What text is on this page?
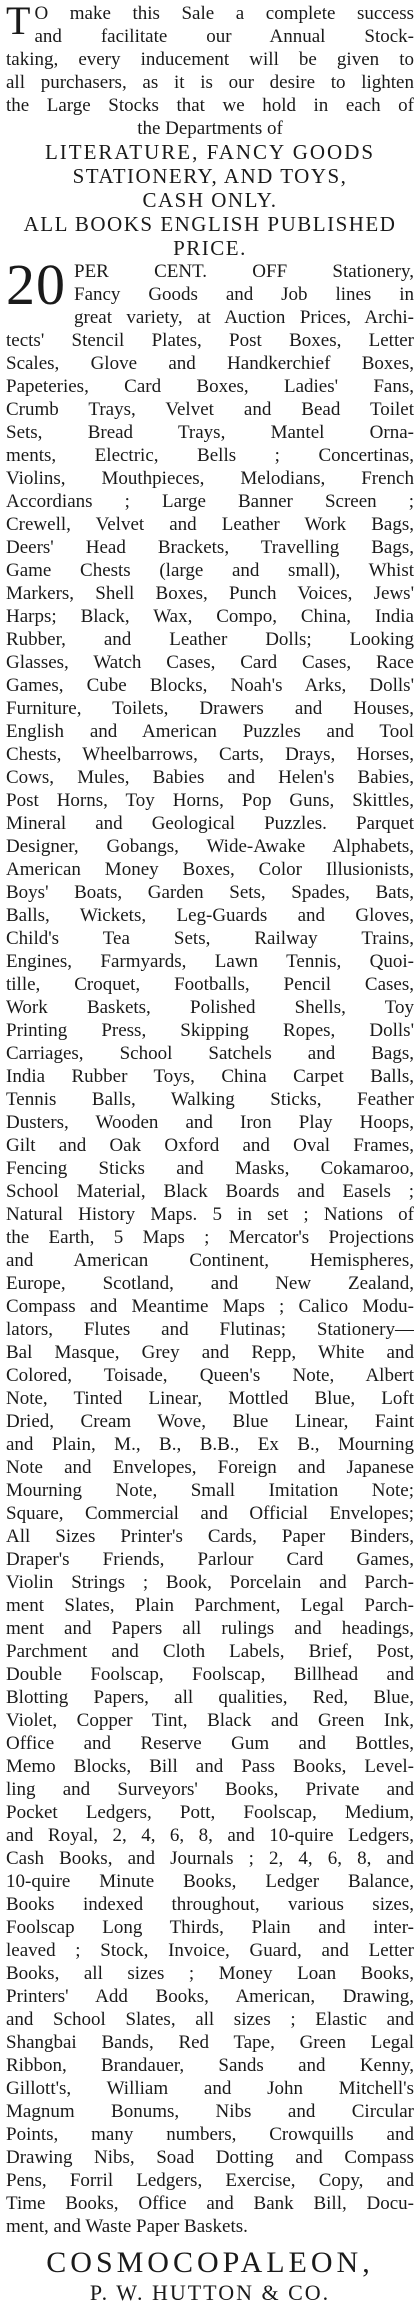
T O make this Sale a complete success
and facilitate our Annual Stock-
taking, every inducement will be given to
all purchasers, as it is our desire to lighten
the Large Stocks that we hold in each of
the Departments of
LITERATURE, FANCY GOODS
STATIONERY, AND TOYS,
CASH ONLY.
ALL BOOKS ENGLISH PUBLISHED
PRICE.
20 PER CENT. OFF Stationery,
Fancy Goods and Job lines in
great variety, at Auction Prices, Archi-
tects' Stencil Plates, Post Boxes, Letter
Scales, Glove and Handkerchief Boxes,
Papeteries, Card Boxes, Ladies' Fans,
Crumb Trays, Velvet and Bead Toilet
Sets, Bread Trays, Mantel Orna-
ments, Electric, Bells ; Concertinas,
Violins, Mouthpieces, Melodians, French
Accordians ; Large Banner Screen ;
Crewell, Velvet and Leather Work Bags,
Deers' Head Brackets, Travelling Bags,
Game Chests (large and small), Whist
Markers, Shell Boxes, Punch Voices, Jews'
Harps; Black, Wax, Compo, China, India
Rubber, and Leather Dolls; Looking
Glasses, Watch Cases, Card Cases, Race
Games, Cube Blocks, Noah's Arks, Dolls'
Furniture, Toilets, Drawers and Houses,
English and American Puzzles and Tool
Chests, Wheelbarrows, Carts, Drays, Horses,
Cows, Mules, Babies and Helen's Babies,
Post Horns, Toy Horns, Pop Guns, Skittles,
Mineral and Geological Puzzles. Parquet
Designer, Gobangs, Wide-Awake Alphabets,
American Money Boxes, Color Illusionists,
Boys' Boats, Garden Sets, Spades, Bats,
Balls, Wickets, Leg-Guards and Gloves,
Child's Tea Sets, Railway Trains,
Engines, Farmyards, Lawn Tennis, Quoi-
tille, Croquet, Footballs, Pencil Cases,
Work Baskets, Polished Shells, Toy
Printing Press, Skipping Ropes, Dolls'
Carriages, School Satchels and Bags,
India Rubber Toys, China Carpet Balls,
Tennis Balls, Walking Sticks, Feather
Dusters, Wooden and Iron Play Hoops,
Gilt and Oak Oxford and Oval Frames,
Fencing Sticks and Masks, Cokamaroo,
School Material, Black Boards and Easels ;
Natural History Maps. 5 in set ; Nations of
the Earth, 5 Maps ; Mercator's Projections
and American Continent, Hemispheres,
Europe, Scotland, and New Zealand,
Compass and Meantime Maps ; Calico Modu-
lators, Flutes and Flutinas; Stationery—
Bal Masque, Grey and Repp, White and
Colored, Toisade, Queen's Note, Albert
Note, Tinted Linear, Mottled Blue, Loft
Dried, Cream Wove, Blue Linear, Faint
and Plain, M., B., B.B., Ex B., Mourning
Note and Envelopes, Foreign and Japanese
Mourning Note, Small Imitation Note;
Square, Commercial and Official Envelopes;
All Sizes Printer's Cards, Paper Binders,
Draper's Friends, Parlour Card Games,
Violin Strings ; Book, Porcelain and Parch-
ment Slates, Plain Parchment, Legal Parch-
ment and Papers all rulings and headings,
Parchment and Cloth Labels, Brief, Post,
Double Foolscap, Foolscap, Billhead and
Blotting Papers, all qualities, Red, Blue,
Violet, Copper Tint, Black and Green Ink,
Office and Reserve Gum and Bottles,
Memo Blocks, Bill and Pass Books, Level-
ling and Surveyors' Books, Private and
Pocket Ledgers, Pott, Foolscap, Medium,
and Royal, 2, 4, 6, 8, and 10-quire Ledgers,
Cash Books, and Journals ; 2, 4, 6, 8, and
10-quire Minute Books, Ledger Balance,
Books indexed throughout, various sizes,
Foolscap Long Thirds, Plain and inter-
leaved ; Stock, Invoice, Guard, and Letter
Books, all sizes ; Money Loan Books,
Printers' Add Books, American, Drawing,
and School Slates, all sizes ; Elastic and
Shangbai Bands, Red Tape, Green Legal
Ribbon, Brandauer, Sands and Kenny,
Gillott's, William and John Mitchell's
Magnum Bonums, Nibs and Circular
Points, many numbers, Crowquills and
Drawing Nibs, Soad Dotting and Compass
Pens, Forril Ledgers, Exercise, Copy, and
Time Books, Office and Bank Bill, Docu-
ment, and Waste Paper Baskets.
COSMOCOPALEON,
P. W. HUTTON & CO.
